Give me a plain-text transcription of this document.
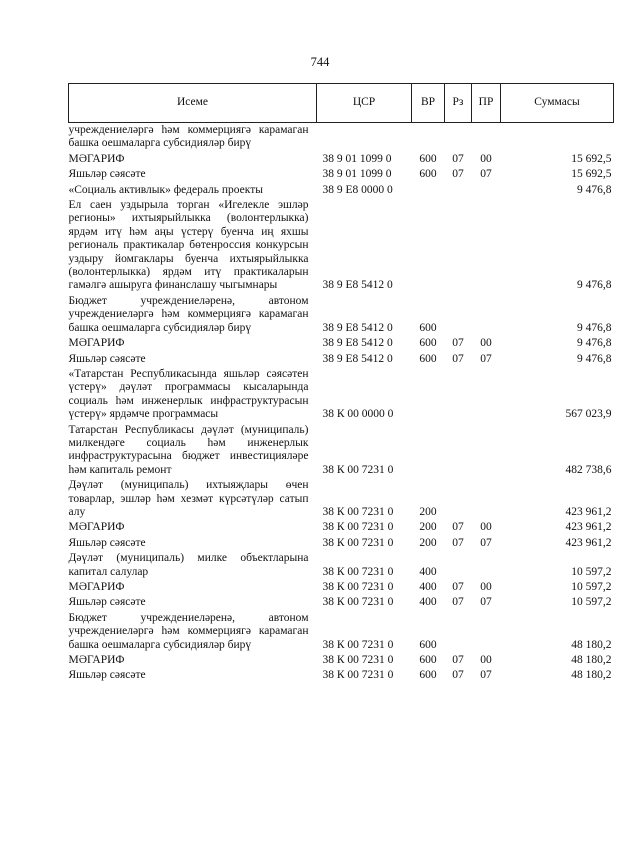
744
Исеме	ЦСР	ВР	Рз	ПР	Суммасы
учреждениеләргә һәм коммерциягә карамаган башка оешмаларга субсидияләр бирү					
МӘГАРИФ	38 9 01 1099 0	600	07	00	15 692,5
Яшьләр сәясәте	38 9 01 1099 0	600	07	07	15 692,5
«Социаль активлык» федераль проекты	38 9 Е8 0000 0				9 476,8
Ел саен уздырыла торган «Игелекле эшләр регионы» ихтыярыйлыкка (волонтерлыкка) ярдәм итү һәм аңы үстерү буенча иң яхшы региональ практикалар бөтенроссия конкурсын уздыру йомгаклары буенча ихтыярыйлыкка (волонтерлыкка) ярдәм итү практикаларын гамәлгә ашыруга финанслашу чыгымнары	38 9 Е8 5412 0				9 476,8
Бюджет учреждениеләренә, автоном учреждениеләргә һәм коммерциягә карамаган башка оешмаларга субсидияләр бирү	38 9 Е8 5412 0	600			9 476,8
МӘГАРИФ	38 9 Е8 5412 0	600	07	00	9 476,8
Яшьләр сәясәте	38 9 Е8 5412 0	600	07	07	9 476,8
«Татарстан Республикасында яшьләр сәясәтен үстерү» дәүләт программасы кысаларында социаль һәм инженерлык инфраструктурасын үстерү» ярдәмче программасы	38 К 00 0000 0				567 023,9
Татарстан Республикасы дәүләт (муниципаль) милкендәге социаль һәм инженерлык инфраструктурасына бюджет инвестицияләре һәм капиталь ремонт	38 К 00 7231 0				482 738,6
Дәүләт (муниципаль) ихтыяҗлары өчен товарлар, эшләр һәм хезмәт күрсәтүләр сатып алу	38 К 00 7231 0	200			423 961,2
МӘГАРИФ	38 К 00 7231 0	200	07	00	423 961,2
Яшьләр сәясәте	38 К 00 7231 0	200	07	07	423 961,2
Дәүләт (муниципаль) милке объектларына капитал салулар	38 К 00 7231 0	400			10 597,2
МӘГАРИФ	38 К 00 7231 0	400	07	00	10 597,2
Яшьләр сәясәте	38 К 00 7231 0	400	07	07	10 597,2
Бюджет учреждениеләренә, автоном учреждениеләргә һәм коммерциягә карамаган башка оешмаларга субсидияләр бирү	38 К 00 7231 0	600			48 180,2
МӘГАРИФ	38 К 00 7231 0	600	07	00	48 180,2
Яшьләр сәясәте	38 К 00 7231 0	600	07	07	48 180,2
